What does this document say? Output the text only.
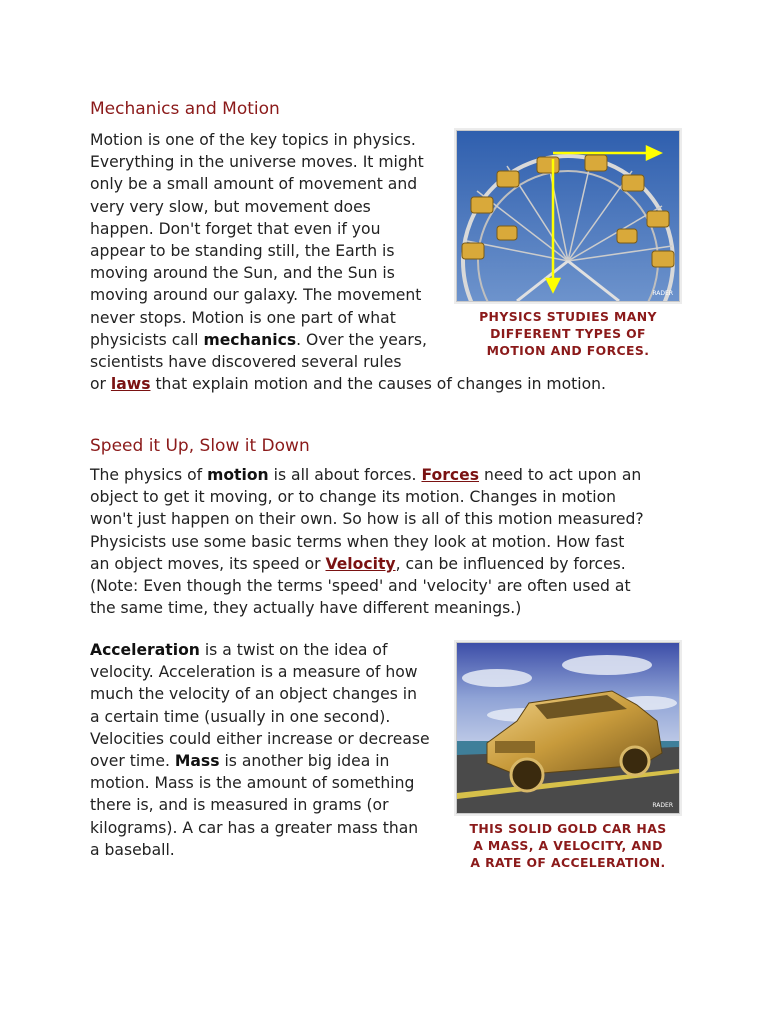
Mechanics and Motion
Motion is one of the key topics in physics.
Everything in the universe moves. It might
only be a small amount of movement and
very very slow, but movement does
happen. Don't forget that even if you
appear to be standing still, the Earth is
moving around the Sun, and the Sun is
moving around our galaxy. The movement
never stops. Motion is one part of what
physicists call mechanics. Over the years,
scientists have discovered several rules
or laws that explain motion and the causes of changes in motion.
RADER
PHYSICS STUDIES MANY
DIFFERENT TYPES OF
MOTION AND FORCES.
Speed it Up, Slow it Down
The physics of motion is all about forces. Forces need to act upon an
object to get it moving, or to change its motion. Changes in motion
won't just happen on their own. So how is all of this motion measured?
Physicists use some basic terms when they look at motion. How fast
an object moves, its speed or Velocity, can be influenced by forces.
(Note: Even though the terms 'speed' and 'velocity' are often used at
the same time, they actually have different meanings.)
Acceleration is a twist on the idea of
velocity. Acceleration is a measure of how
much the velocity of an object changes in
a certain time (usually in one second).
Velocities could either increase or decrease
over time. Mass is another big idea in
motion. Mass is the amount of something
there is, and is measured in grams (or
kilograms). A car has a greater mass than
a baseball.
RADER
THIS SOLID GOLD CAR HAS
A MASS, A VELOCITY, AND
A RATE OF ACCELERATION.
